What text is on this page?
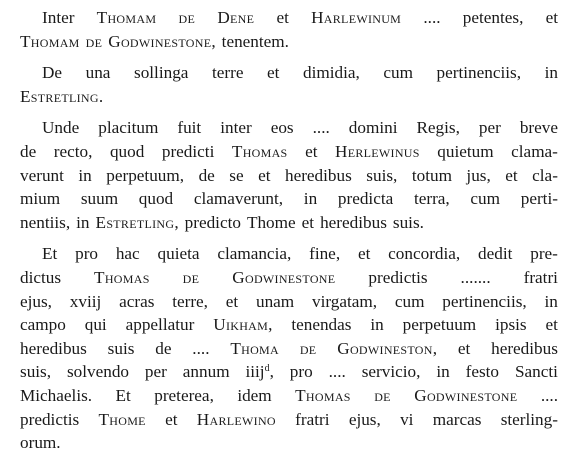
Inter Thomam de Dene et Harlewinum .... petentes, et
Thomam de Godwinestone, tenentem.
De una sollinga terre et dimidia, cum pertinenciis, in
Estretling.
Unde placitum fuit inter eos .... domini Regis, per breve
de recto, quod predicti Thomas et Herlewinus quietum clama-
verunt in perpetuum, de se et heredibus suis, totum jus, et cla-
mium suum quod clamaverunt, in predicta terra, cum perti-
nentiis, in Estretling, predicto Thome et heredibus suis.
Et pro hac quieta clamancia, fine, et concordia, dedit pre-
dictus Thomas de Godwinestone predictis ....... fratri
ejus, xviij acras terre, et unam virgatam, cum pertinenciis, in
campo qui appellatur Uikham, tenendas in perpetuum ipsis et
heredibus suis de .... Thoma de Godwineston, et heredibus
suis, solvendo per annum iiij$^d$, pro .... servicio, in festo Sancti
Michaelis. Et preterea, idem Thomas de Godwinestone ....
predictis Thome et Harlewino fratri ejus, vi marcas sterling-
orum.
